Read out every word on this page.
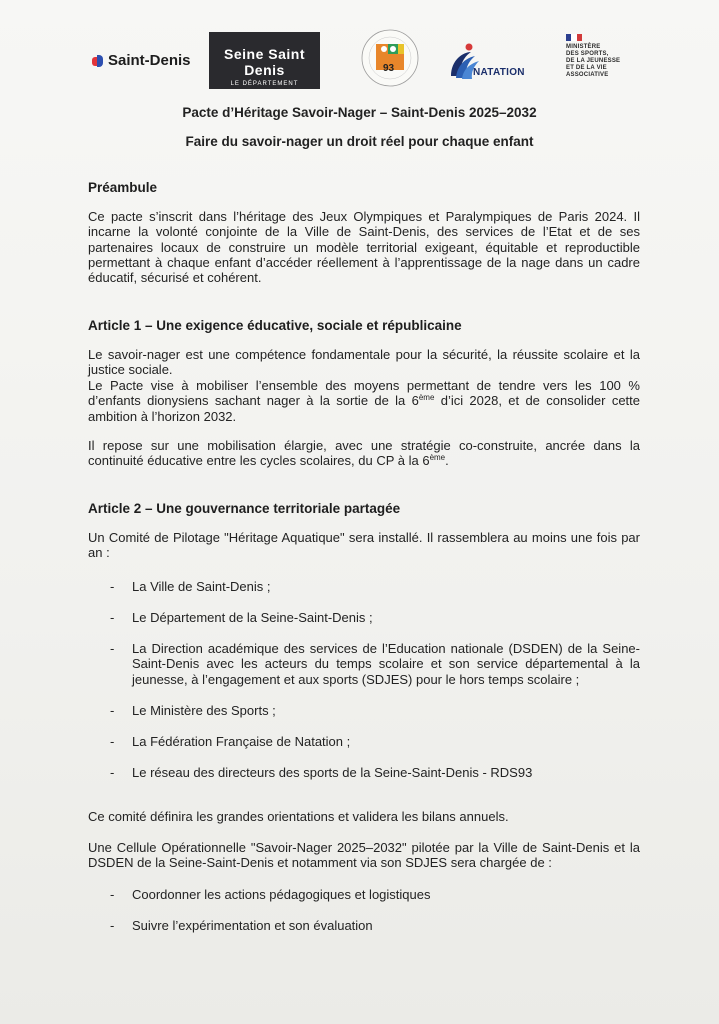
Saint-Denis	Seine Saint Denis
LE DÉPARTEMENT
93	NATATION
MINISTÈRE
DES SPORTS,
DE LA JEUNESSE
ET DE LA VIE
ASSOCIATIVE
Pacte d’Héritage Savoir-Nager – Saint-Denis 2025–2032
Faire du savoir-nager un droit réel pour chaque enfant
Préambule
Ce pacte s’inscrit dans l’héritage des Jeux Olympiques et Paralympiques de Paris 2024. Il incarne la volonté conjointe de la Ville de Saint-Denis, des services de l’Etat et de ses partenaires locaux de construire un modèle territorial exigeant, équitable et reproductible permettant à chaque enfant d’accéder réellement à l’apprentissage de la nage dans un cadre éducatif, sécurisé et cohérent.
Article 1 – Une exigence éducative, sociale et républicaine
Le savoir-nager est une compétence fondamentale pour la sécurité, la réussite scolaire et la justice sociale.
Le Pacte vise à mobiliser l’ensemble des moyens permettant de tendre vers les 100 % d’enfants dionysiens sachant nager à la sortie de la 6ème d’ici 2028, et de consolider cette ambition à l’horizon 2032.
Il repose sur une mobilisation élargie, avec une stratégie co-construite, ancrée dans la continuité éducative entre les cycles scolaires, du CP à la 6ème.
Article 2 – Une gouvernance territoriale partagée
Un Comité de Pilotage "Héritage Aquatique" sera installé. Il rassemblera au moins une fois par an :
-	La Ville de Saint-Denis ;
-	Le Département de la Seine-Saint-Denis ;
-	La Direction académique des services de l’Education nationale (DSDEN) de la Seine-Saint-Denis avec les acteurs du temps scolaire et son service départemental à la jeunesse, à l’engagement et aux sports (SDJES) pour le hors temps scolaire ;
-	Le Ministère des Sports ;
-	La Fédération Française de Natation ;
-	Le réseau des directeurs des sports de la Seine-Saint-Denis - RDS93
Ce comité définira les grandes orientations et validera les bilans annuels.
Une Cellule Opérationnelle "Savoir-Nager 2025–2032" pilotée par la Ville de Saint-Denis et la DSDEN de la Seine-Saint-Denis et notamment via son SDJES sera chargée de :
-	Coordonner les actions pédagogiques et logistiques
-	Suivre l’expérimentation et son évaluation
